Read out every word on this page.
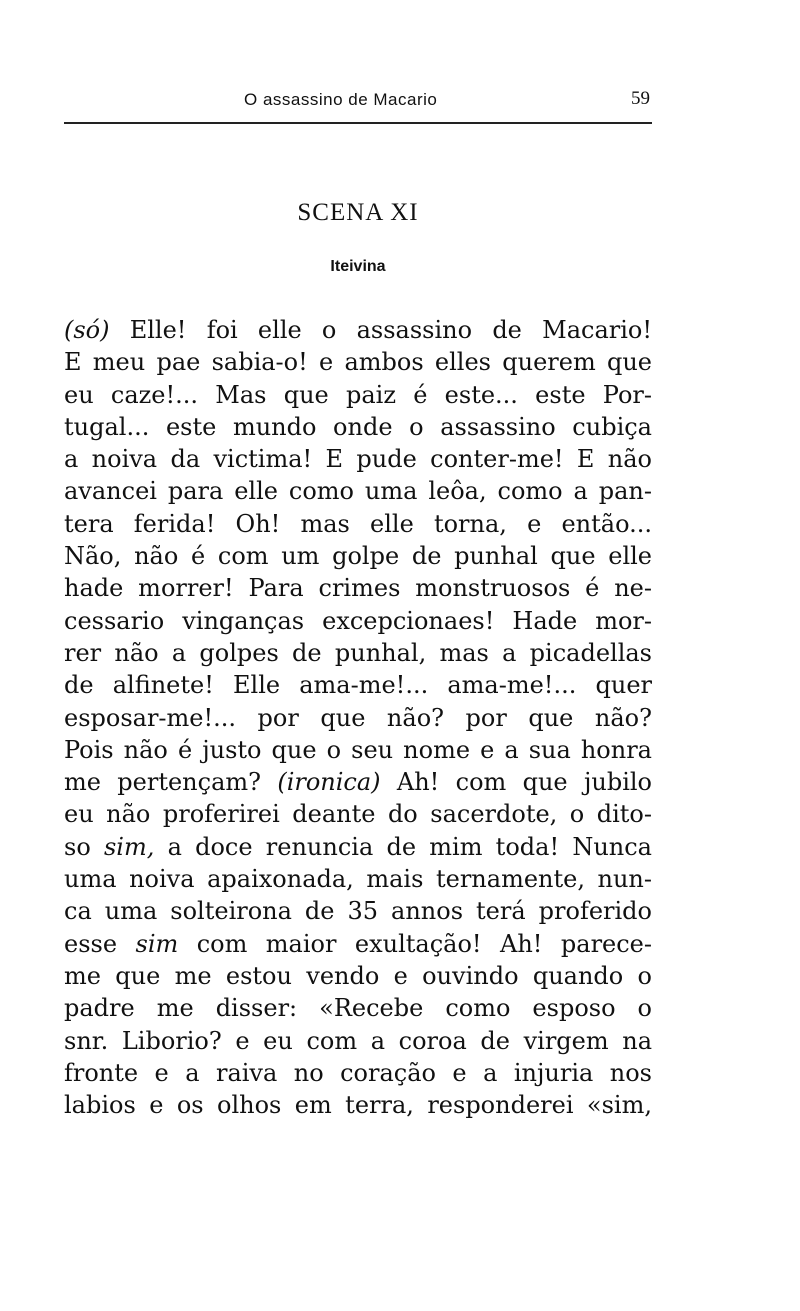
O assassino de Macario	59
SCENA XI
Iteivina
(só) Elle! foi elle o assassino de Macario!
E meu pae sabia-o! e ambos elles querem que
eu caze!... Mas que paiz é este... este Por-
tugal... este mundo onde o assassino cubiça
a noiva da victima! E pude conter-me! E não
avancei para elle como uma leôa, como a pan-
tera ferida! Oh! mas elle torna, e então...
Não, não é com um golpe de punhal que elle
hade morrer! Para crimes monstruosos é ne-
cessario vinganças excepcionaes! Hade mor-
rer não a golpes de punhal, mas a picadellas
de alfinete! Elle ama-me!... ama-me!... quer
esposar-me!... por que não? por que não?
Pois não é justo que o seu nome e a sua honra
me pertençam? (ironica) Ah! com que jubilo
eu não proferirei deante do sacerdote, o dito-
so sim, a doce renuncia de mim toda! Nunca
uma noiva apaixonada, mais ternamente, nun-
ca uma solteirona de 35 annos terá proferido
esse sim com maior exultação! Ah! parece-
me que me estou vendo e ouvindo quando o
padre me disser: «Recebe como esposo o
snr. Liborio? e eu com a coroa de virgem na
fronte e a raiva no coração e a injuria nos
labios e os olhos em terra, responderei «sim,
